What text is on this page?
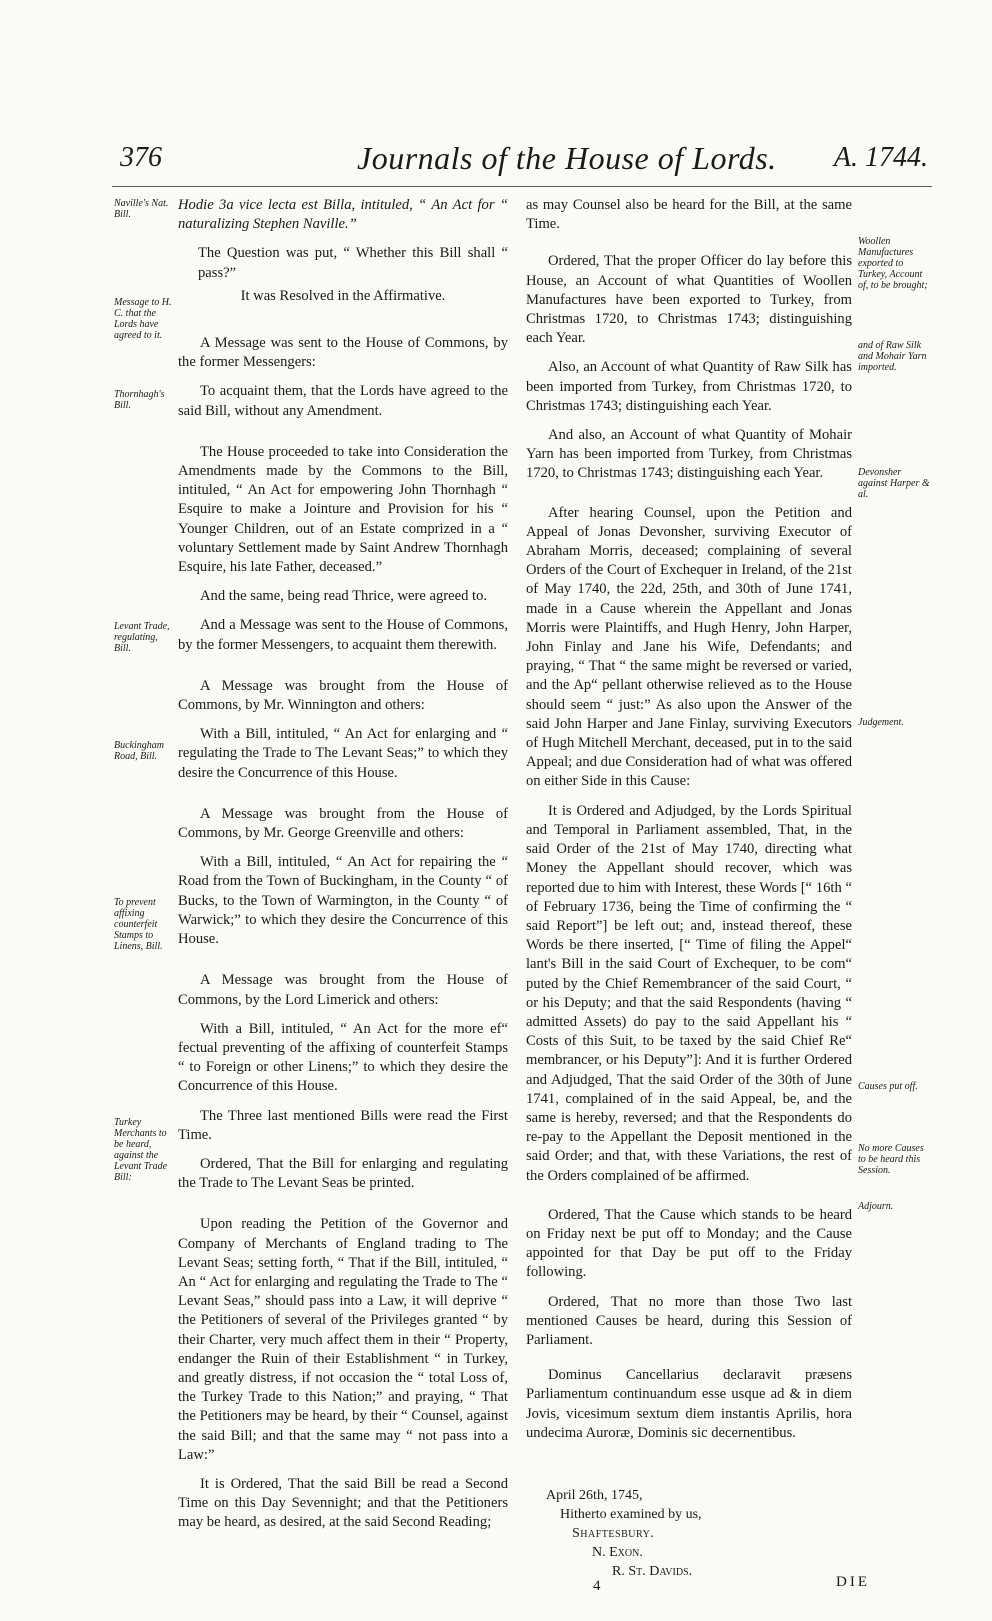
376	Journals of the House of Lords. A. 1744.
Naville's Nat. Bill.
Message to H. C. that the Lords have agreed to it.
Thornhagh's Bill.
Levant Trade, regulating, Bill.
Buckingham Road, Bill.
To prevent affixing counterfeit Stamps to Linens, Bill.
Turkey Merchants to be heard, against the Levant Trade Bill:
Woollen Manufactures exported to Turkey, Account of, to be brought;
and of Raw Silk and Mohair Yarn imported.
Devonsher against Harper & al.
Judgement.
Causes put off.
No more Causes to be heard this Session.
Adjourn.

Hodie 3a vice lecta est Billa, intituled, “ An Act for “ naturalizing Stephen Naville.”

The Question was put, “ Whether this Bill shall “ pass?”

It was Resolved in the Affirmative.

A Message was sent to the House of Commons, by the former Messengers:

To acquaint them, that the Lords have agreed to the said Bill, without any Amendment.

The House proceeded to take into Consideration the Amendments made by the Commons to the Bill, intituled, “ An Act for empowering John Thornhagh “ Esquire to make a Jointure and Provision for his “ Younger Children, out of an Estate comprized in a “ voluntary Settlement made by Saint Andrew Thornhagh Esquire, his late Father, deceased.”

And the same, being read Thrice, were agreed to.

And a Message was sent to the House of Commons, by the former Messengers, to acquaint them therewith.

A Message was brought from the House of Commons, by Mr. Winnington and others:

With a Bill, intituled, “ An Act for enlarging and “ regulating the Trade to The Levant Seas;” to which they desire the Concurrence of this House.

A Message was brought from the House of Commons, by Mr. George Greenville and others:

With a Bill, intituled, “ An Act for repairing the “ Road from the Town of Buckingham, in the County “ of Bucks, to the Town of Warmington, in the County “ of Warwick;” to which they desire the Concurrence of this House.

A Message was brought from the House of Commons, by the Lord Limerick and others:

With a Bill, intituled, “ An Act for the more ef“ fectual preventing of the affixing of counterfeit Stamps “ to Foreign or other Linens;” to which they desire the Concurrence of this House.

The Three last mentioned Bills were read the First Time.

Ordered, That the Bill for enlarging and regulating the Trade to The Levant Seas be printed.

Upon reading the Petition of the Governor and Company of Merchants of England trading to The Levant Seas; setting forth, “ That if the Bill, intituled, “ An “ Act for enlarging and regulating the Trade to The “ Levant Seas,” should pass into a Law, it will deprive “ the Petitioners of several of the Privileges granted “ by their Charter, very much affect them in their “ Property, endanger the Ruin of their Establishment “ in Turkey, and greatly distress, if not occasion the “ total Loss of, the Turkey Trade to this Nation;” and praying, “ That the Petitioners may be heard, by their “ Counsel, against the said Bill; and that the same may “ not pass into a Law:”

It is Ordered, That the said Bill be read a Second Time on this Day Sevennight; and that the Petitioners may be heard, as desired, at the said Second Reading;

as may Counsel also be heard for the Bill, at the same Time.

Ordered, That the proper Officer do lay before this House, an Account of what Quantities of Woollen Manufactures have been exported to Turkey, from Christmas 1720, to Christmas 1743; distinguishing each Year.

Also, an Account of what Quantity of Raw Silk has been imported from Turkey, from Christmas 1720, to Christmas 1743; distinguishing each Year.

And also, an Account of what Quantity of Mohair Yarn has been imported from Turkey, from Christmas 1720, to Christmas 1743; distinguishing each Year.

After hearing Counsel, upon the Petition and Appeal of Jonas Devonsher, surviving Executor of Abraham Morris, deceased; complaining of several Orders of the Court of Exchequer in Ireland, of the 21st of May 1740, the 22d, 25th, and 30th of June 1741, made in a Cause wherein the Appellant and Jonas Morris were Plaintiffs, and Hugh Henry, John Harper, John Finlay and Jane his Wife, Defendants; and praying, “ That “ the same might be reversed or varied, and the Ap“ pellant otherwise relieved as to the House should seem “ just:” As also upon the Answer of the said John Harper and Jane Finlay, surviving Executors of Hugh Mitchell Merchant, deceased, put in to the said Appeal; and due Consideration had of what was offered on either Side in this Cause:

It is Ordered and Adjudged, by the Lords Spiritual and Temporal in Parliament assembled, That, in the said Order of the 21st of May 1740, directing what Money the Appellant should recover, which was reported due to him with Interest, these Words [“ 16th “ of February 1736, being the Time of confirming the “ said Report”] be left out; and, instead thereof, these Words be there inserted, [“ Time of filing the Appel“ lant's Bill in the said Court of Exchequer, to be com“ puted by the Chief Remembrancer of the said Court, “ or his Deputy; and that the said Respondents (having “ admitted Assets) do pay to the said Appellant his “ Costs of this Suit, to be taxed by the said Chief Re“ membrancer, or his Deputy”]: And it is further Ordered and Adjudged, That the said Order of the 30th of June 1741, complained of in the said Appeal, be, and the same is hereby, reversed; and that the Respondents do re-pay to the Appellant the Deposit mentioned in the said Order; and that, with these Variations, the rest of the Orders complained of be affirmed.

Ordered, That the Cause which stands to be heard on Friday next be put off to Monday; and the Cause appointed for that Day be put off to the Friday following.

Ordered, That no more than those Two last mentioned Causes be heard, during this Session of Parliament.

Dominus Cancellarius declaravit præsens Parliamentum continuandum esse usque ad & in diem Jovis, vicesimum sextum diem instantis Aprilis, hora undecima Auroræ, Dominis sic decernentibus.

April 26th, 1745,
Hitherto examined by us,
Shaftesbury.
N. Exon.
R. St. Davids.
4	DIE
